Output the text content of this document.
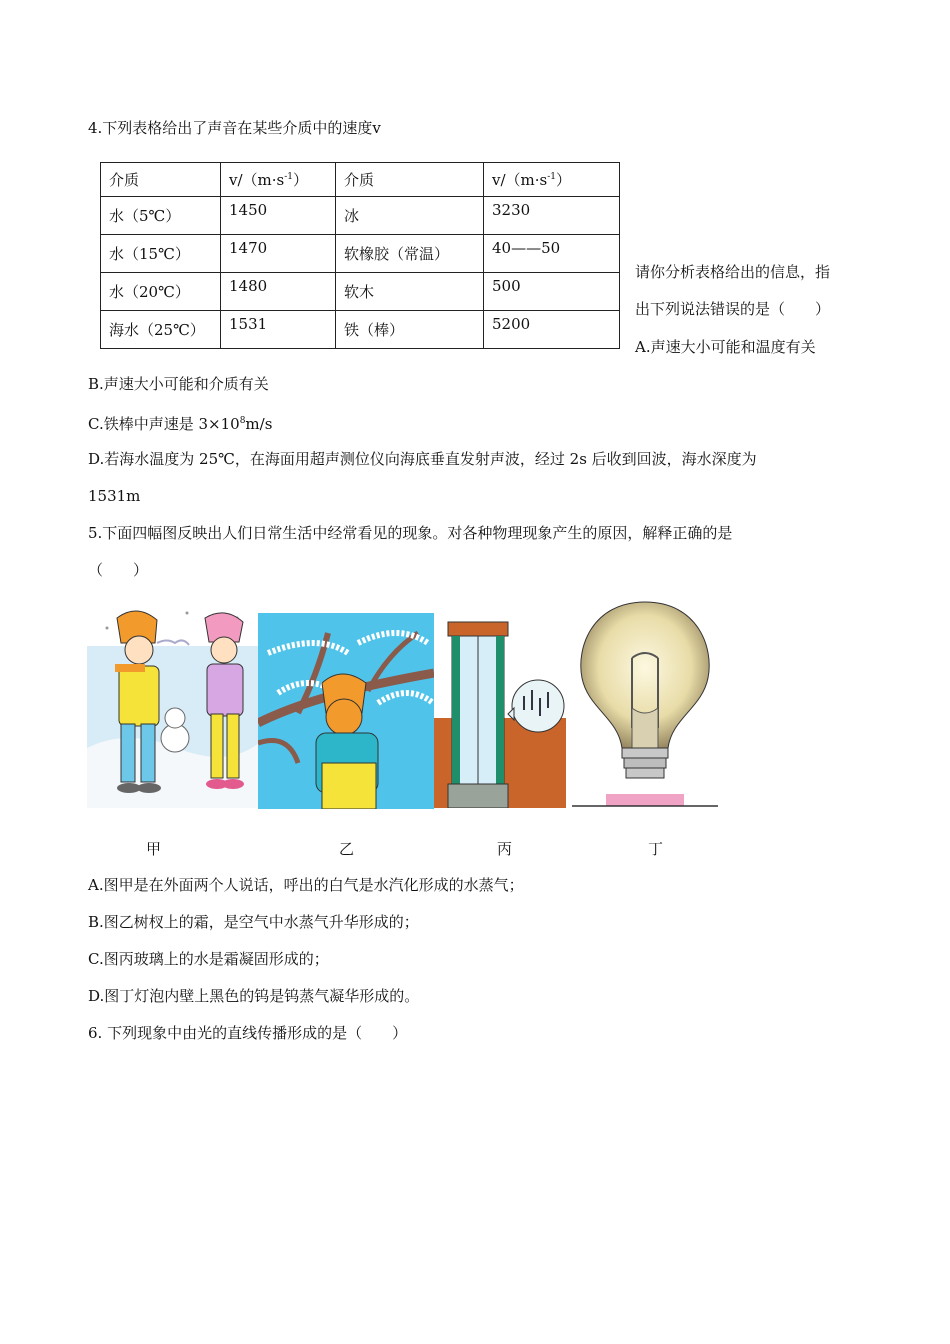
4.下列表格给出了声音在某些介质中的速度v
介质	$v/(m\cdot s^{-1})$	介质	$v/(m\cdot s^{-1})$
水（5℃）	1450	冰	3230
水（15℃）	1470	软橡胶（常温）	40——50
水（20℃）	1480	软木	500
海水（25℃）	1531	铁（棒）	5200
请你分析表格给出的信息，指
出下列说法错误的是（　　）
A.声速大小可能和温度有关
B.声速大小可能和介质有关
C.铁棒中声速是 $3\times 10^8m/s$
D.若海水温度为 25℃，在海面用超声测位仪向海底垂直发射声波，经过 2s 后收到回波，海水深度为
1531m
5.下面四幅图反映出人们日常生活中经常看见的现象。对各种物理现象产生的原因，解释正确的是
（　　）
甲	乙	丙	丁
A.图甲是在外面两个人说话，呼出的白气是水汽化形成的水蒸气；
B.图乙树杈上的霜，是空气中水蒸气升华形成的；
C.图丙玻璃上的水是霜凝固形成的；
D.图丁灯泡内壁上黑色的钨是钨蒸气凝华形成的。
6. 下列现象中由光的直线传播形成的是（　　）
